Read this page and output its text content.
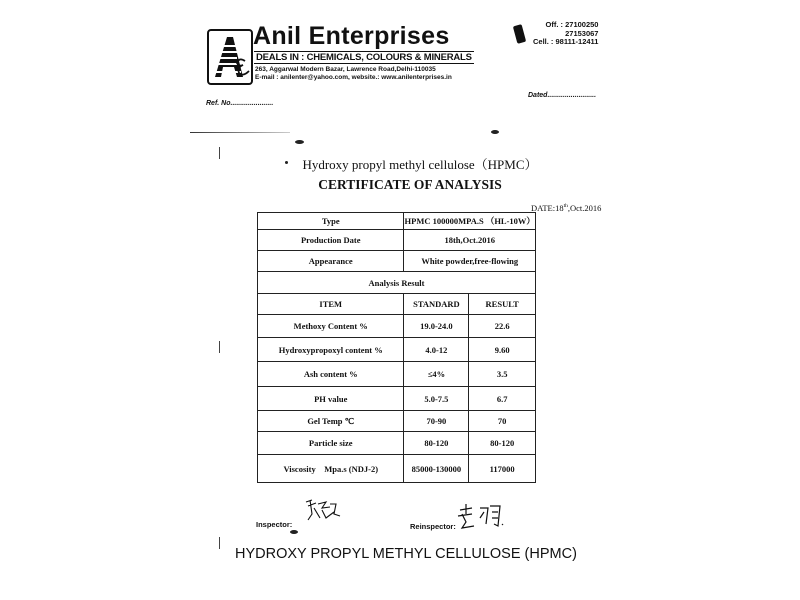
Anil Enterprises
DEALS IN : CHEMICALS, COLOURS & MINERALS
263, Aggarwal Modern Bazar, Lawrence Road,Delhi-110035
E-mail : anilenter@yahoo.com, website.: www.anilenterprises.in
Off. : 27100250
27153067
Cell. : 98111-12411
Ref. No......................
Dated.........................
Hydroxy propyl methyl cellulose（HPMC）
CERTIFICATE OF ANALYSIS
DATE:18th,Oct.2016
Type	HPMC 100000MPA.S （HL-10W）	
Production Date	18th,Oct.2016	
Appearance	White powder,free-flowing	
Analysis Result		
ITEM	STANDARD	RESULT
Methoxy Content %	19.0-24.0	22.6
Hydroxypropoxyl content %	4.0-12	9.60
Ash content %	≤4%	3.5
PH value	5.0-7.5	6.7
Gel Temp ℃	70-90	70
Particle size	80-120	80-120
Viscosity    Mpa.s (NDJ-2)	85000-130000	117000
Inspector:	Reinspector:
HYDROXY PROPYL METHYL CELLULOSE (HPMC)
